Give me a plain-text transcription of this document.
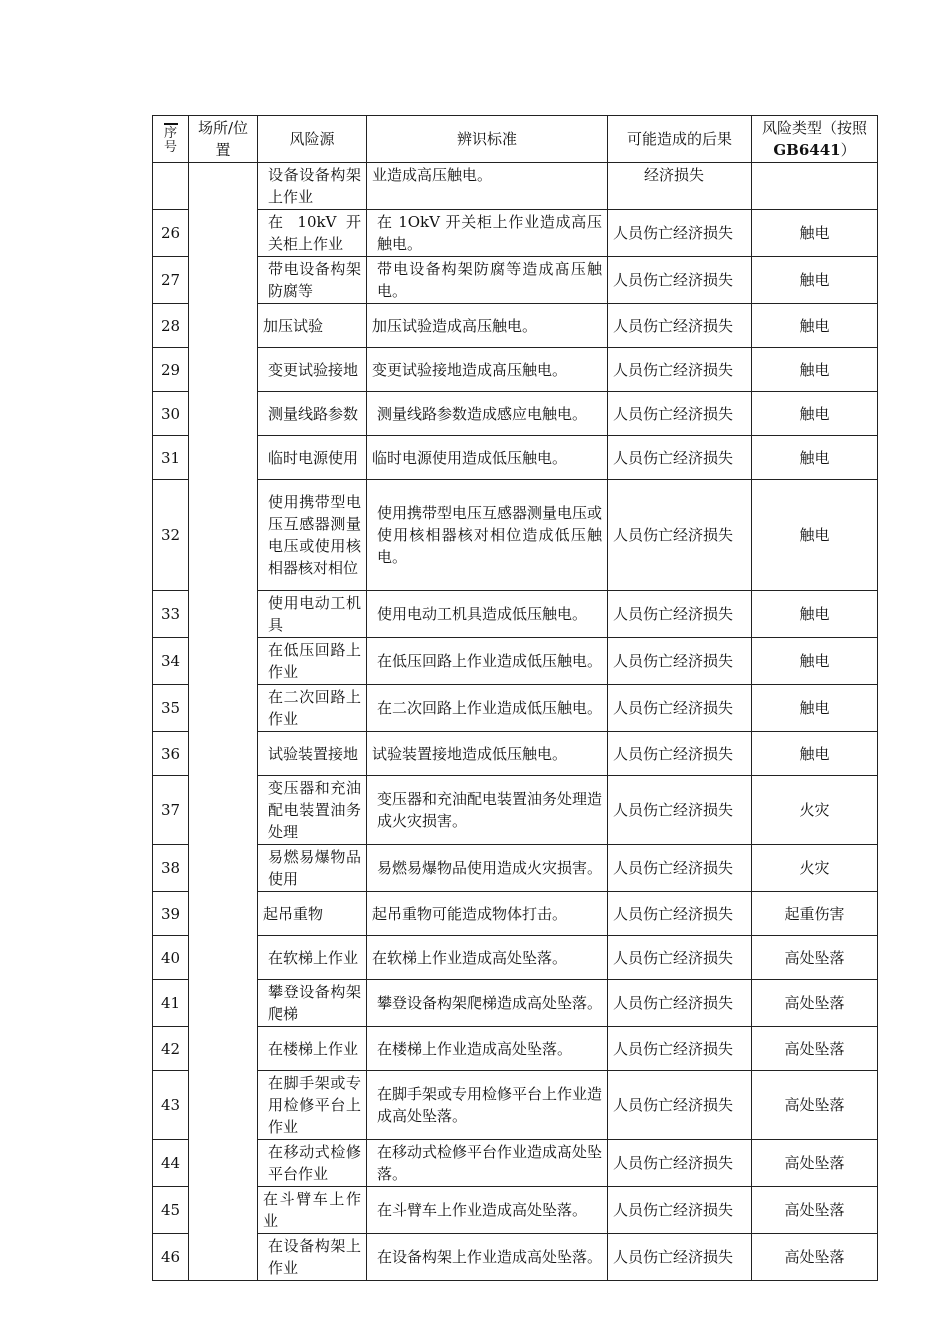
序号	场所/位置	风险源	辨识标准	可能造成的后果	风险类型（按照GB6441）
		设备设备构架上作业	业造成高压触电。	经济损失	
26		在 10kV 开关柜上作业	在 1OkV 开关柜上作业造成高压触电。	人员伤亡经济损失	触电
27		带电设备构架防腐等	带电设备构架防腐等造成髙压触电。	人员伤亡经济损失	触电
28		加压试验	加压试验造成高压触电。	人员伤亡经济损失	触电
29		变更试验接地	变更试验接地造成髙压触电。	人员伤亡经济损失	触电
30		测量线路参数	测量线路参数造成感应电触电。	人员伤亡经济损失	触电
31		临时电源使用	临时电源使用造成低压触电。	人员伤亡经济损失	触电
32		使用携带型电压互感器测量电压或使用核相器核对相位	使用携带型电压互感器测量电压或使用核相器核对相位造成低压触电。	人员伤亡经济损失	触电
33		使用电动工机具	使用电动工机具造成低压触电。	人员伤亡经济损失	触电
34		在低压回路上作业	在低压回路上作业造成低压触电。	人员伤亡经济损失	触电
35		在二次回路上作业	在二次回路上作业造成低压触电。	人员伤亡经济损失	触电
36		试验装置接地	试验装置接地造成低压触电。	人员伤亡经济损失	触电
37		变压器和充油配电装置油务处理	变压器和充油配电装置油务处理造成火灾损害。	人员伤亡经济损失	火灾
38		易燃易爆物品使用	易燃易爆物品使用造成火灾损害。	人员伤亡经济损失	火灾
39		起吊重物	起吊重物可能造成物体打击。	人员伤亡经济损失	起重伤害
40		在软梯上作业	在软梯上作业造成高处坠落。	人员伤亡经济损失	高处坠落
41		攀登设备构架爬梯	攀登设备构架爬梯造成高处坠落。	人员伤亡经济损失	高处坠落
42		在楼梯上作业	在楼梯上作业造成高处坠落。	人员伤亡经济损失	高处坠落
43		在脚手架或专用检修平台上作业	在脚手架或专用检修平台上作业造成高处坠落。	人员伤亡经济损失	高处坠落
44		在移动式检修平台作业	在移动式检修平台作业造成髙处坠落。	人员伤亡经济损失	高处坠落
45		在斗臂车上作业	在斗臂车上作业造成高处坠落。	人员伤亡经济损失	高处坠落
46		在设备构架上作业	在设备构架上作业造成高处坠落。	人员伤亡经济损失	高处坠落
